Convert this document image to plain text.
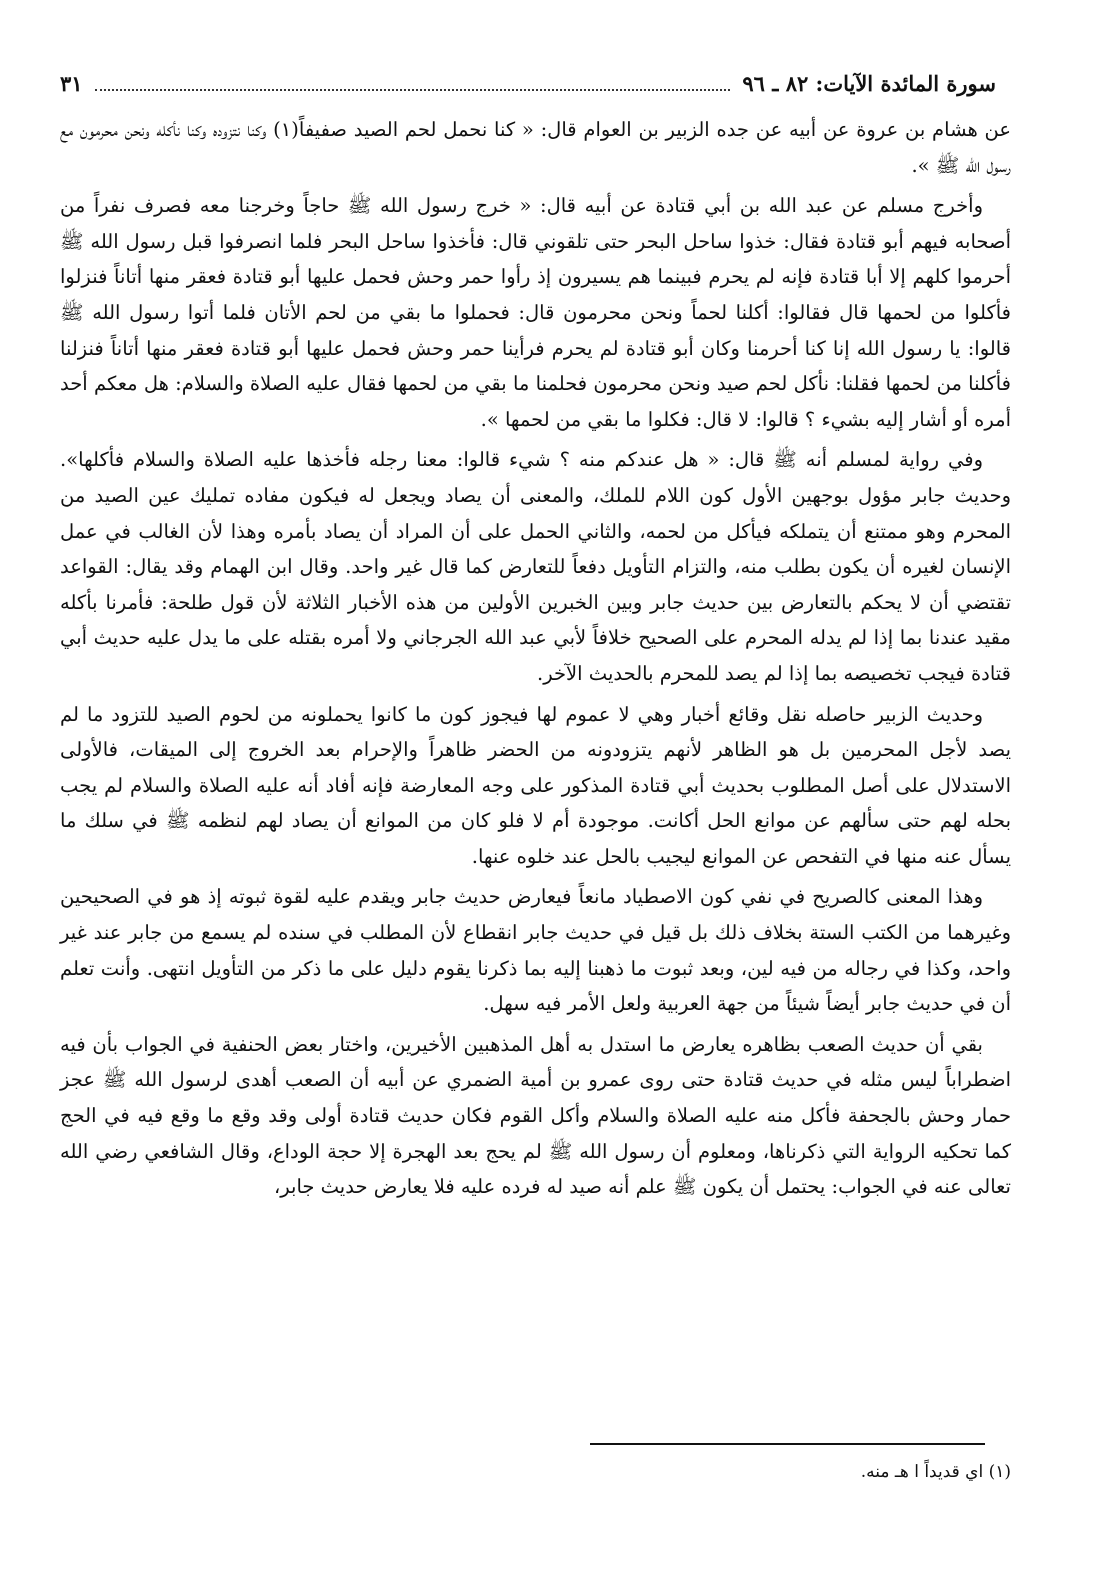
سورة المائدة الآيات: ٨٢ ـ ٩٦
٣١

عن هشام بن عروة عن أبيه عن جده الزبير بن العوام قال: « كنا نحمل لحم الصيد صفيفاً(١) وكنا نتزوده وكنا نأكله ونحن محرمون مع رسول الله ﷺ ».

وأخرج مسلم عن عبد الله بن أبي قتادة عن أبيه قال: « خرج رسول الله ﷺ حاجاً وخرجنا معه فصرف نفراً من أصحابه فيهم أبو قتادة فقال: خذوا ساحل البحر حتى تلقوني قال: فأخذوا ساحل البحر فلما انصرفوا قبل رسول الله ﷺ أحرموا كلهم إلا أبا قتادة فإنه لم يحرم فبينما هم يسيرون إذ رأوا حمر وحش فحمل عليها أبو قتادة فعقر منها أتاناً فنزلوا فأكلوا من لحمها قال فقالوا: أكلنا لحماً ونحن محرمون قال: فحملوا ما بقي من لحم الأتان فلما أتوا رسول الله ﷺ قالوا: يا رسول الله إنا كنا أحرمنا وكان أبو قتادة لم يحرم فرأينا حمر وحش فحمل عليها أبو قتادة فعقر منها أتاناً فنزلنا فأكلنا من لحمها فقلنا: نأكل لحم صيد ونحن محرمون فحلمنا ما بقي من لحمها فقال عليه الصلاة والسلام: هل معكم أحد أمره أو أشار إليه بشيء ؟ قالوا: لا قال: فكلوا ما بقي من لحمها ».

وفي رواية لمسلم أنه ﷺ قال: « هل عندكم منه ؟ شيء قالوا: معنا رجله فأخذها عليه الصلاة والسلام فأكلها». وحديث جابر مؤول بوجهين الأول كون اللام للملك، والمعنى أن يصاد ويجعل له فيكون مفاده تمليك عين الصيد من المحرم وهو ممتنع أن يتملكه فيأكل من لحمه، والثاني الحمل على أن المراد أن يصاد بأمره وهذا لأن الغالب في عمل الإنسان لغيره أن يكون بطلب منه، والتزام التأويل دفعاً للتعارض كما قال غير واحد. وقال ابن الهمام وقد يقال: القواعد تقتضي أن لا يحكم بالتعارض بين حديث جابر وبين الخبرين الأولين من هذه الأخبار الثلاثة لأن قول طلحة: فأمرنا بأكله مقيد عندنا بما إذا لم يدله المحرم على الصحيح خلافاً لأبي عبد الله الجرجاني ولا أمره بقتله على ما يدل عليه حديث أبي قتادة فيجب تخصيصه بما إذا لم يصد للمحرم بالحديث الآخر.

وحديث الزبير حاصله نقل وقائع أخبار وهي لا عموم لها فيجوز كون ما كانوا يحملونه من لحوم الصيد للتزود ما لم يصد لأجل المحرمين بل هو الظاهر لأنهم يتزودونه من الحضر ظاهراً والإحرام بعد الخروج إلى الميقات، فالأولى الاستدلال على أصل المطلوب بحديث أبي قتادة المذكور على وجه المعارضة فإنه أفاد أنه عليه الصلاة والسلام لم يجب بحله لهم حتى سألهم عن موانع الحل أكانت. موجودة أم لا فلو كان من الموانع أن يصاد لهم لنظمه ﷺ في سلك ما يسأل عنه منها في التفحص عن الموانع ليجيب بالحل عند خلوه عنها.

وهذا المعنى كالصريح في نفي كون الاصطياد مانعاً فيعارض حديث جابر ويقدم عليه لقوة ثبوته إذ هو في الصحيحين وغيرهما من الكتب الستة بخلاف ذلك بل قيل في حديث جابر انقطاع لأن المطلب في سنده لم يسمع من جابر عند غير واحد، وكذا في رجاله من فيه لين، وبعد ثبوت ما ذهبنا إليه بما ذكرنا يقوم دليل على ما ذكر من التأويل انتهى. وأنت تعلم أن في حديث جابر أيضاً شيئاً من جهة العربية ولعل الأمر فيه سهل.

بقي أن حديث الصعب بظاهره يعارض ما استدل به أهل المذهبين الأخيرين، واختار بعض الحنفية في الجواب بأن فيه اضطراباً ليس مثله في حديث قتادة حتى روى عمرو بن أمية الضمري عن أبيه أن الصعب أهدى لرسول الله ﷺ عجز حمار وحش بالجحفة فأكل منه عليه الصلاة والسلام وأكل القوم فكان حديث قتادة أولى وقد وقع ما وقع فيه في الحج كما تحكيه الرواية التي ذكرناها، ومعلوم أن رسول الله ﷺ لم يحج بعد الهجرة إلا حجة الوداع، وقال الشافعي رضي الله تعالى عنه في الجواب: يحتمل أن يكون ﷺ علم أنه صيد له فرده عليه فلا يعارض حديث جابر،

(١) اي قديداً ا هـ منه.
